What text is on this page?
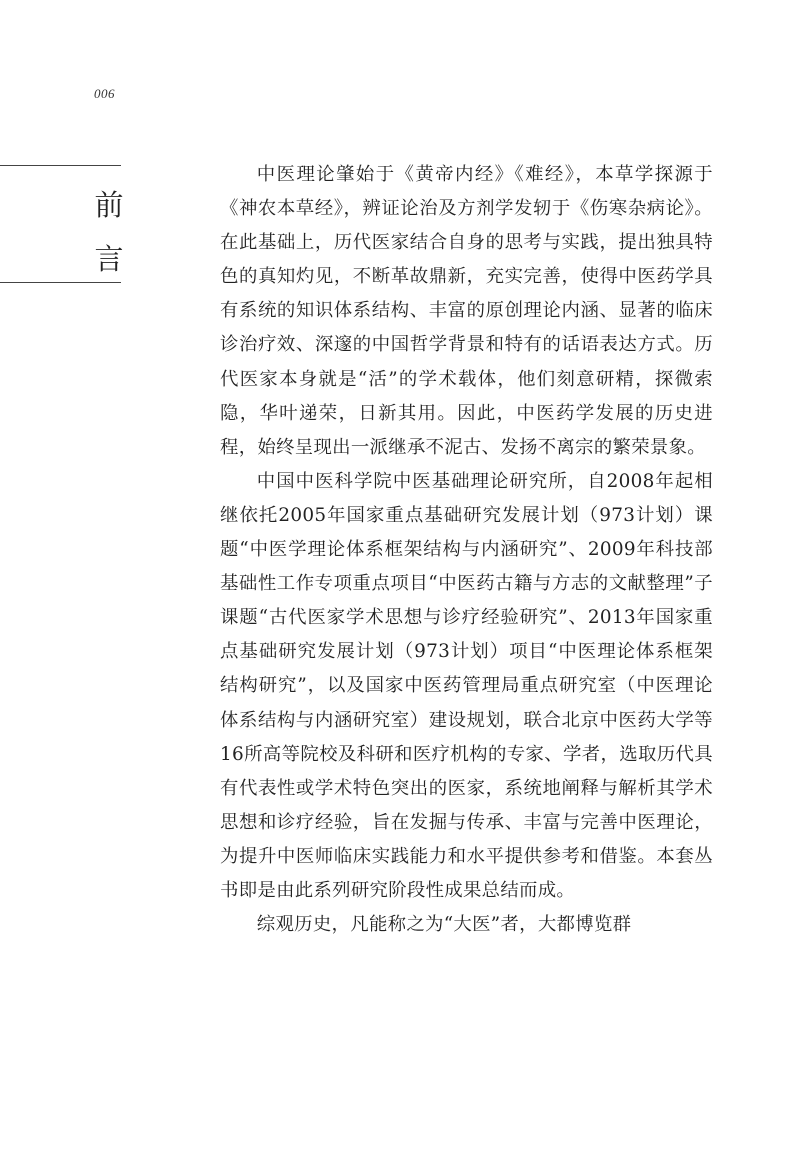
006
前
言

中医理论肇始于《黄帝内经》《难经》，本草学探源于《神农本草经》，辨证论治及方剂学发轫于《伤寒杂病论》。在此基础上，历代医家结合自身的思考与实践，提出独具特色的真知灼见，不断革故鼎新，充实完善，使得中医药学具有系统的知识体系结构、丰富的原创理论内涵、显著的临床诊治疗效、深邃的中国哲学背景和特有的话语表达方式。历代医家本身就是“活”的学术载体，他们刻意研精，探微索隐，华叶递荣，日新其用。因此，中医药学发展的历史进程，始终呈现出一派继承不泥古、发扬不离宗的繁荣景象。

中国中医科学院中医基础理论研究所，自2008年起相继依托2005年国家重点基础研究发展计划（973计划）课题“中医学理论体系框架结构与内涵研究”、2009年科技部基础性工作专项重点项目“中医药古籍与方志的文献整理”子课题“古代医家学术思想与诊疗经验研究”、2013年国家重点基础研究发展计划（973计划）项目“中医理论体系框架结构研究”，以及国家中医药管理局重点研究室（中医理论体系结构与内涵研究室）建设规划，联合北京中医药大学等16所高等院校及科研和医疗机构的专家、学者，选取历代具有代表性或学术特色突出的医家，系统地阐释与解析其学术思想和诊疗经验，旨在发掘与传承、丰富与完善中医理论，为提升中医师临床实践能力和水平提供参考和借鉴。本套丛书即是由此系列研究阶段性成果总结而成。

综观历史，凡能称之为“大医”者，大都博览群
